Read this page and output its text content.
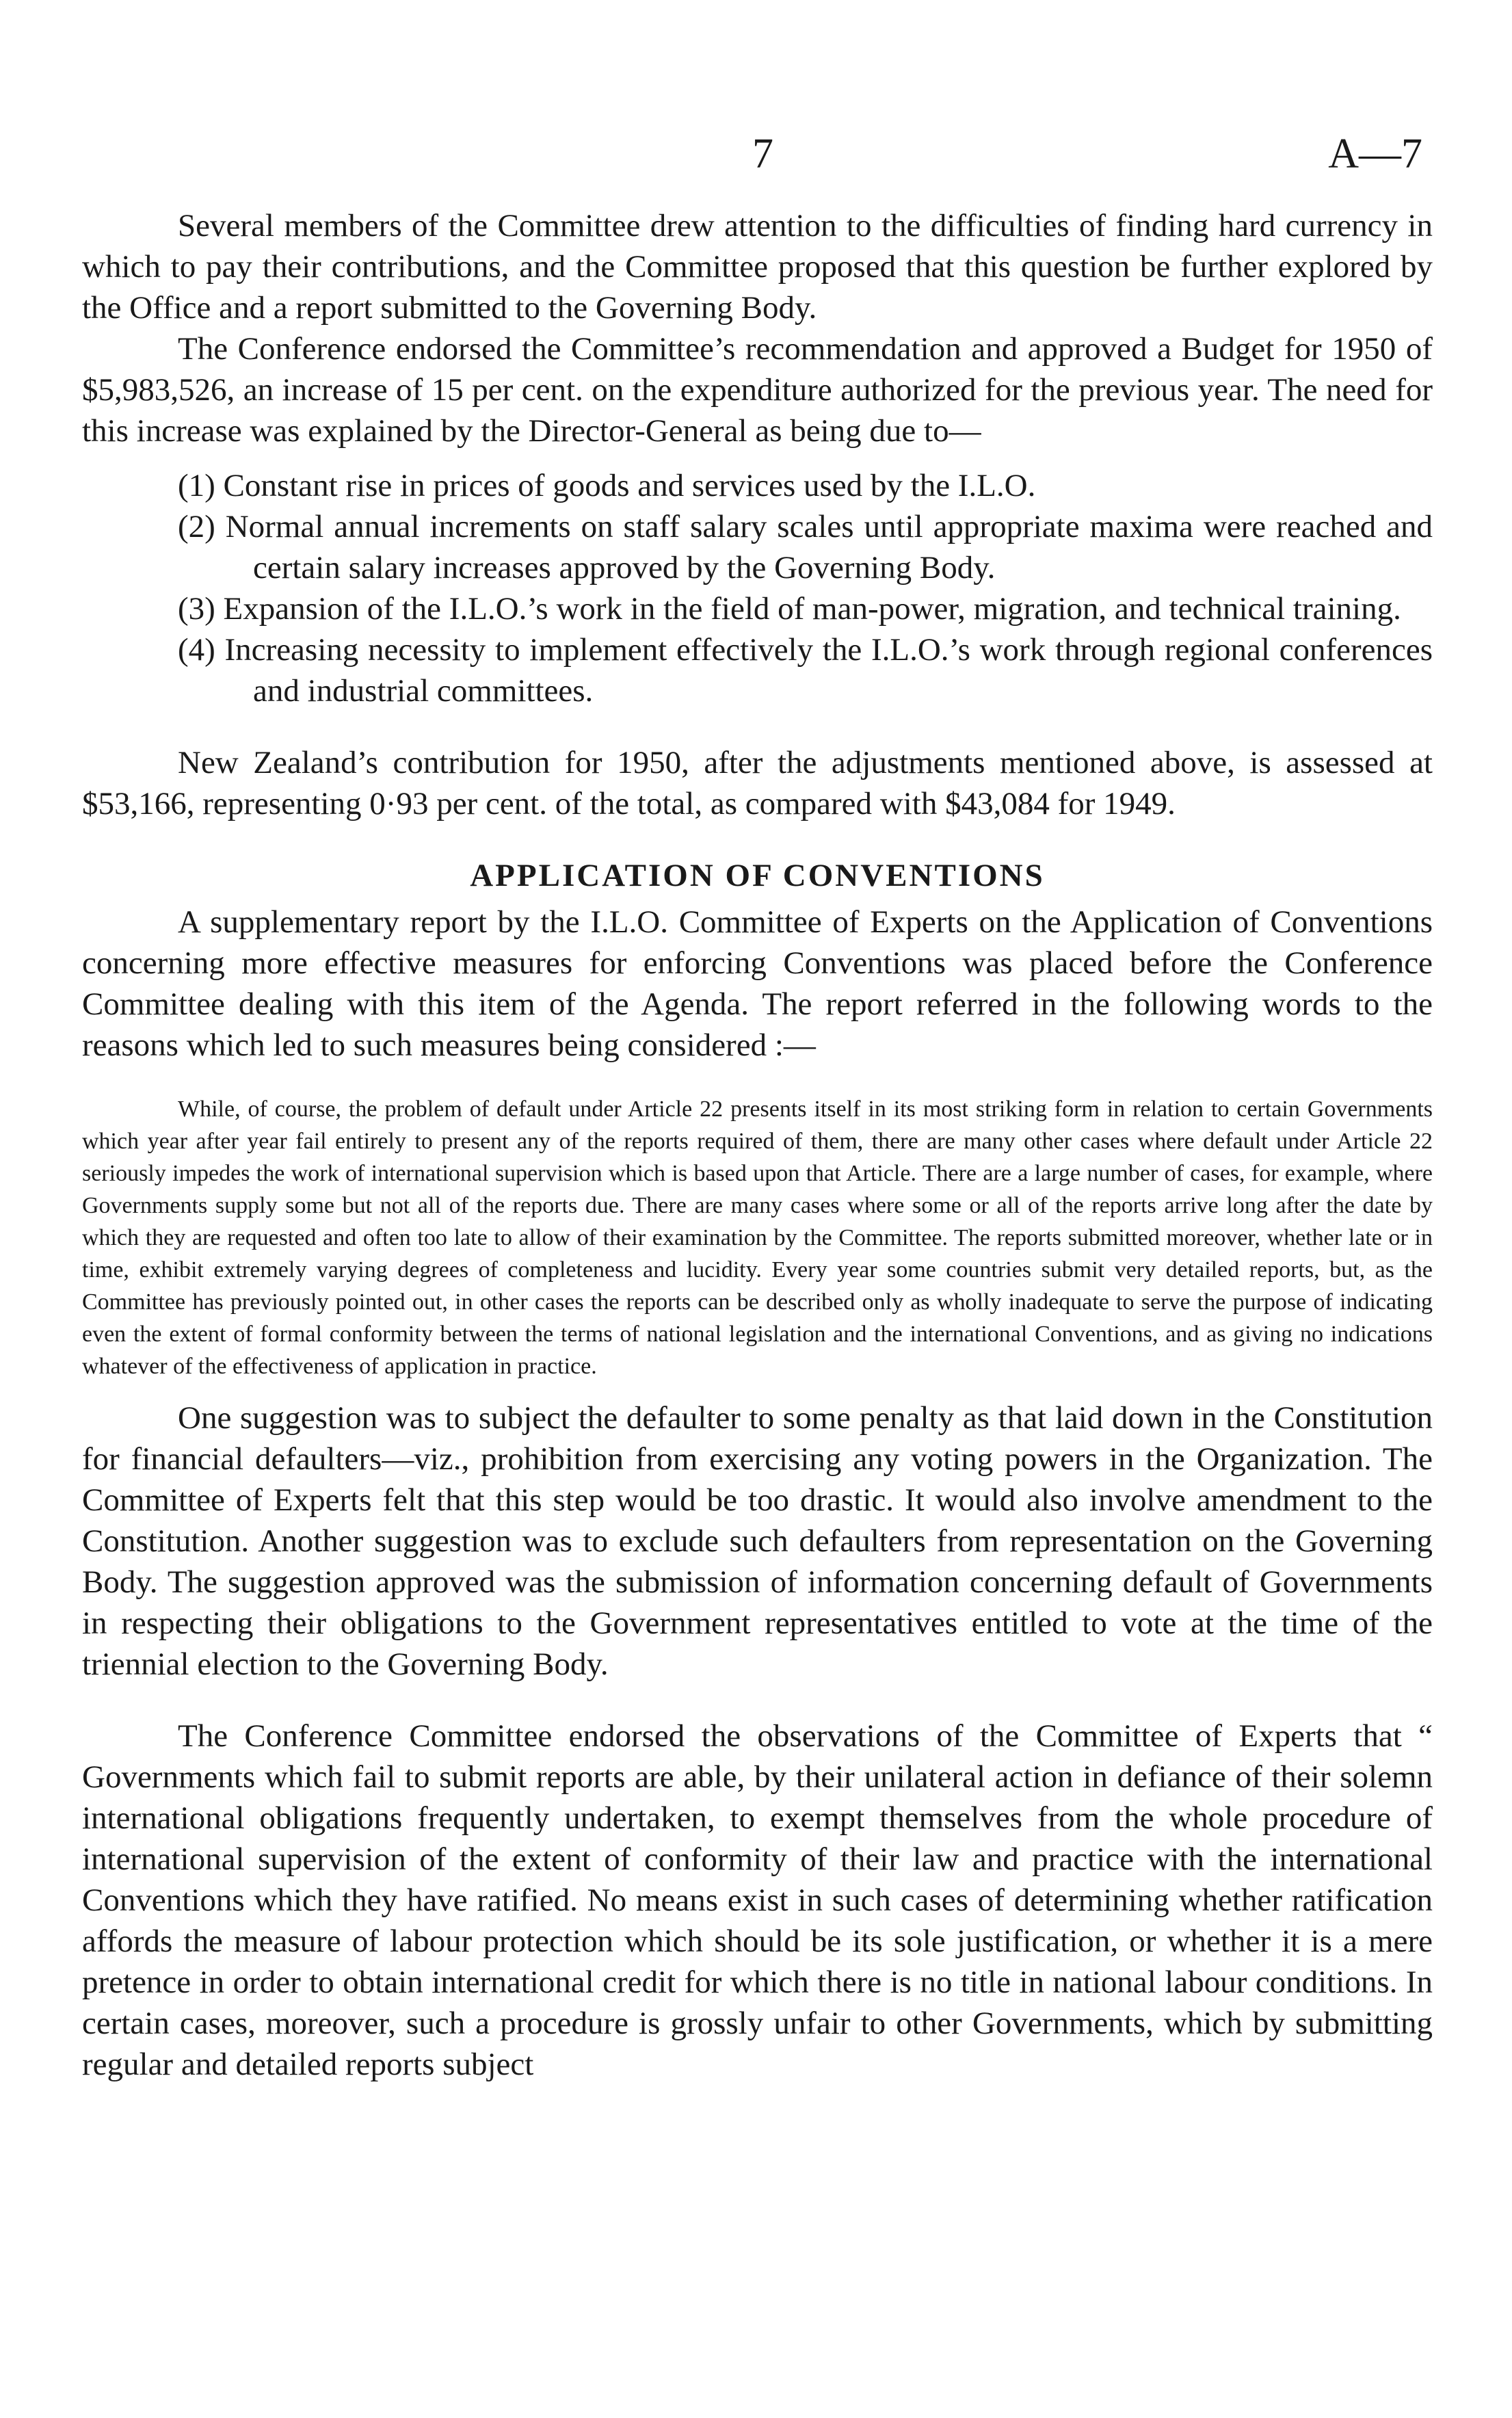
7	A—7

Several members of the Committee drew attention to the difficulties of finding hard currency in which to pay their contributions, and the Committee proposed that this question be further explored by the Office and a report submitted to the Governing Body.

The Conference endorsed the Committee’s recommendation and approved a Budget for 1950 of $5,983,526, an increase of 15 per cent. on the expenditure authorized for the previous year. The need for this increase was explained by the Director-General as being due to—

(1) Constant rise in prices of goods and services used by the I.L.O.
(2) Normal annual increments on staff salary scales until appropriate maxima were reached and certain salary increases approved by the Governing Body.
(3) Expansion of the I.L.O.’s work in the field of man-power, migration, and technical training.
(4) Increasing necessity to implement effectively the I.L.O.’s work through regional conferences and industrial committees.

New Zealand’s contribution for 1950, after the adjustments mentioned above, is assessed at $53,166, representing 0·93 per cent. of the total, as compared with $43,084 for 1949.

APPLICATION OF CONVENTIONS

A supplementary report by the I.L.O. Committee of Experts on the Application of Conventions concerning more effective measures for enforcing Conventions was placed before the Conference Committee dealing with this item of the Agenda. The report referred in the following words to the reasons which led to such measures being considered :—

While, of course, the problem of default under Article 22 presents itself in its most striking form in relation to certain Governments which year after year fail entirely to present any of the reports required of them, there are many other cases where default under Article 22 seriously impedes the work of international supervision which is based upon that Article. There are a large number of cases, for example, where Governments supply some but not all of the reports due. There are many cases where some or all of the reports arrive long after the date by which they are requested and often too late to allow of their examination by the Committee. The reports submitted moreover, whether late or in time, exhibit extremely varying degrees of completeness and lucidity. Every year some countries submit very detailed reports, but, as the Committee has previously pointed out, in other cases the reports can be described only as wholly inadequate to serve the purpose of indicating even the extent of formal conformity between the terms of national legislation and the international Conventions, and as giving no indications whatever of the effectiveness of application in practice.

One suggestion was to subject the defaulter to some penalty as that laid down in the Constitution for financial defaulters—viz., prohibition from exercising any voting powers in the Organization. The Committee of Experts felt that this step would be too drastic. It would also involve amendment to the Constitution. Another suggestion was to exclude such defaulters from representation on the Governing Body. The suggestion approved was the submission of information concerning default of Governments in respecting their obligations to the Government representatives entitled to vote at the time of the triennial election to the Governing Body.

The Conference Committee endorsed the observations of the Committee of Experts that “ Governments which fail to submit reports are able, by their unilateral action in defiance of their solemn international obligations frequently undertaken, to exempt themselves from the whole procedure of international supervision of the extent of conformity of their law and practice with the international Conventions which they have ratified. No means exist in such cases of determining whether ratification affords the measure of labour protection which should be its sole justification, or whether it is a mere pretence in order to obtain international credit for which there is no title in national labour conditions. In certain cases, moreover, such a procedure is grossly unfair to other Governments, which by submitting regular and detailed reports subject
